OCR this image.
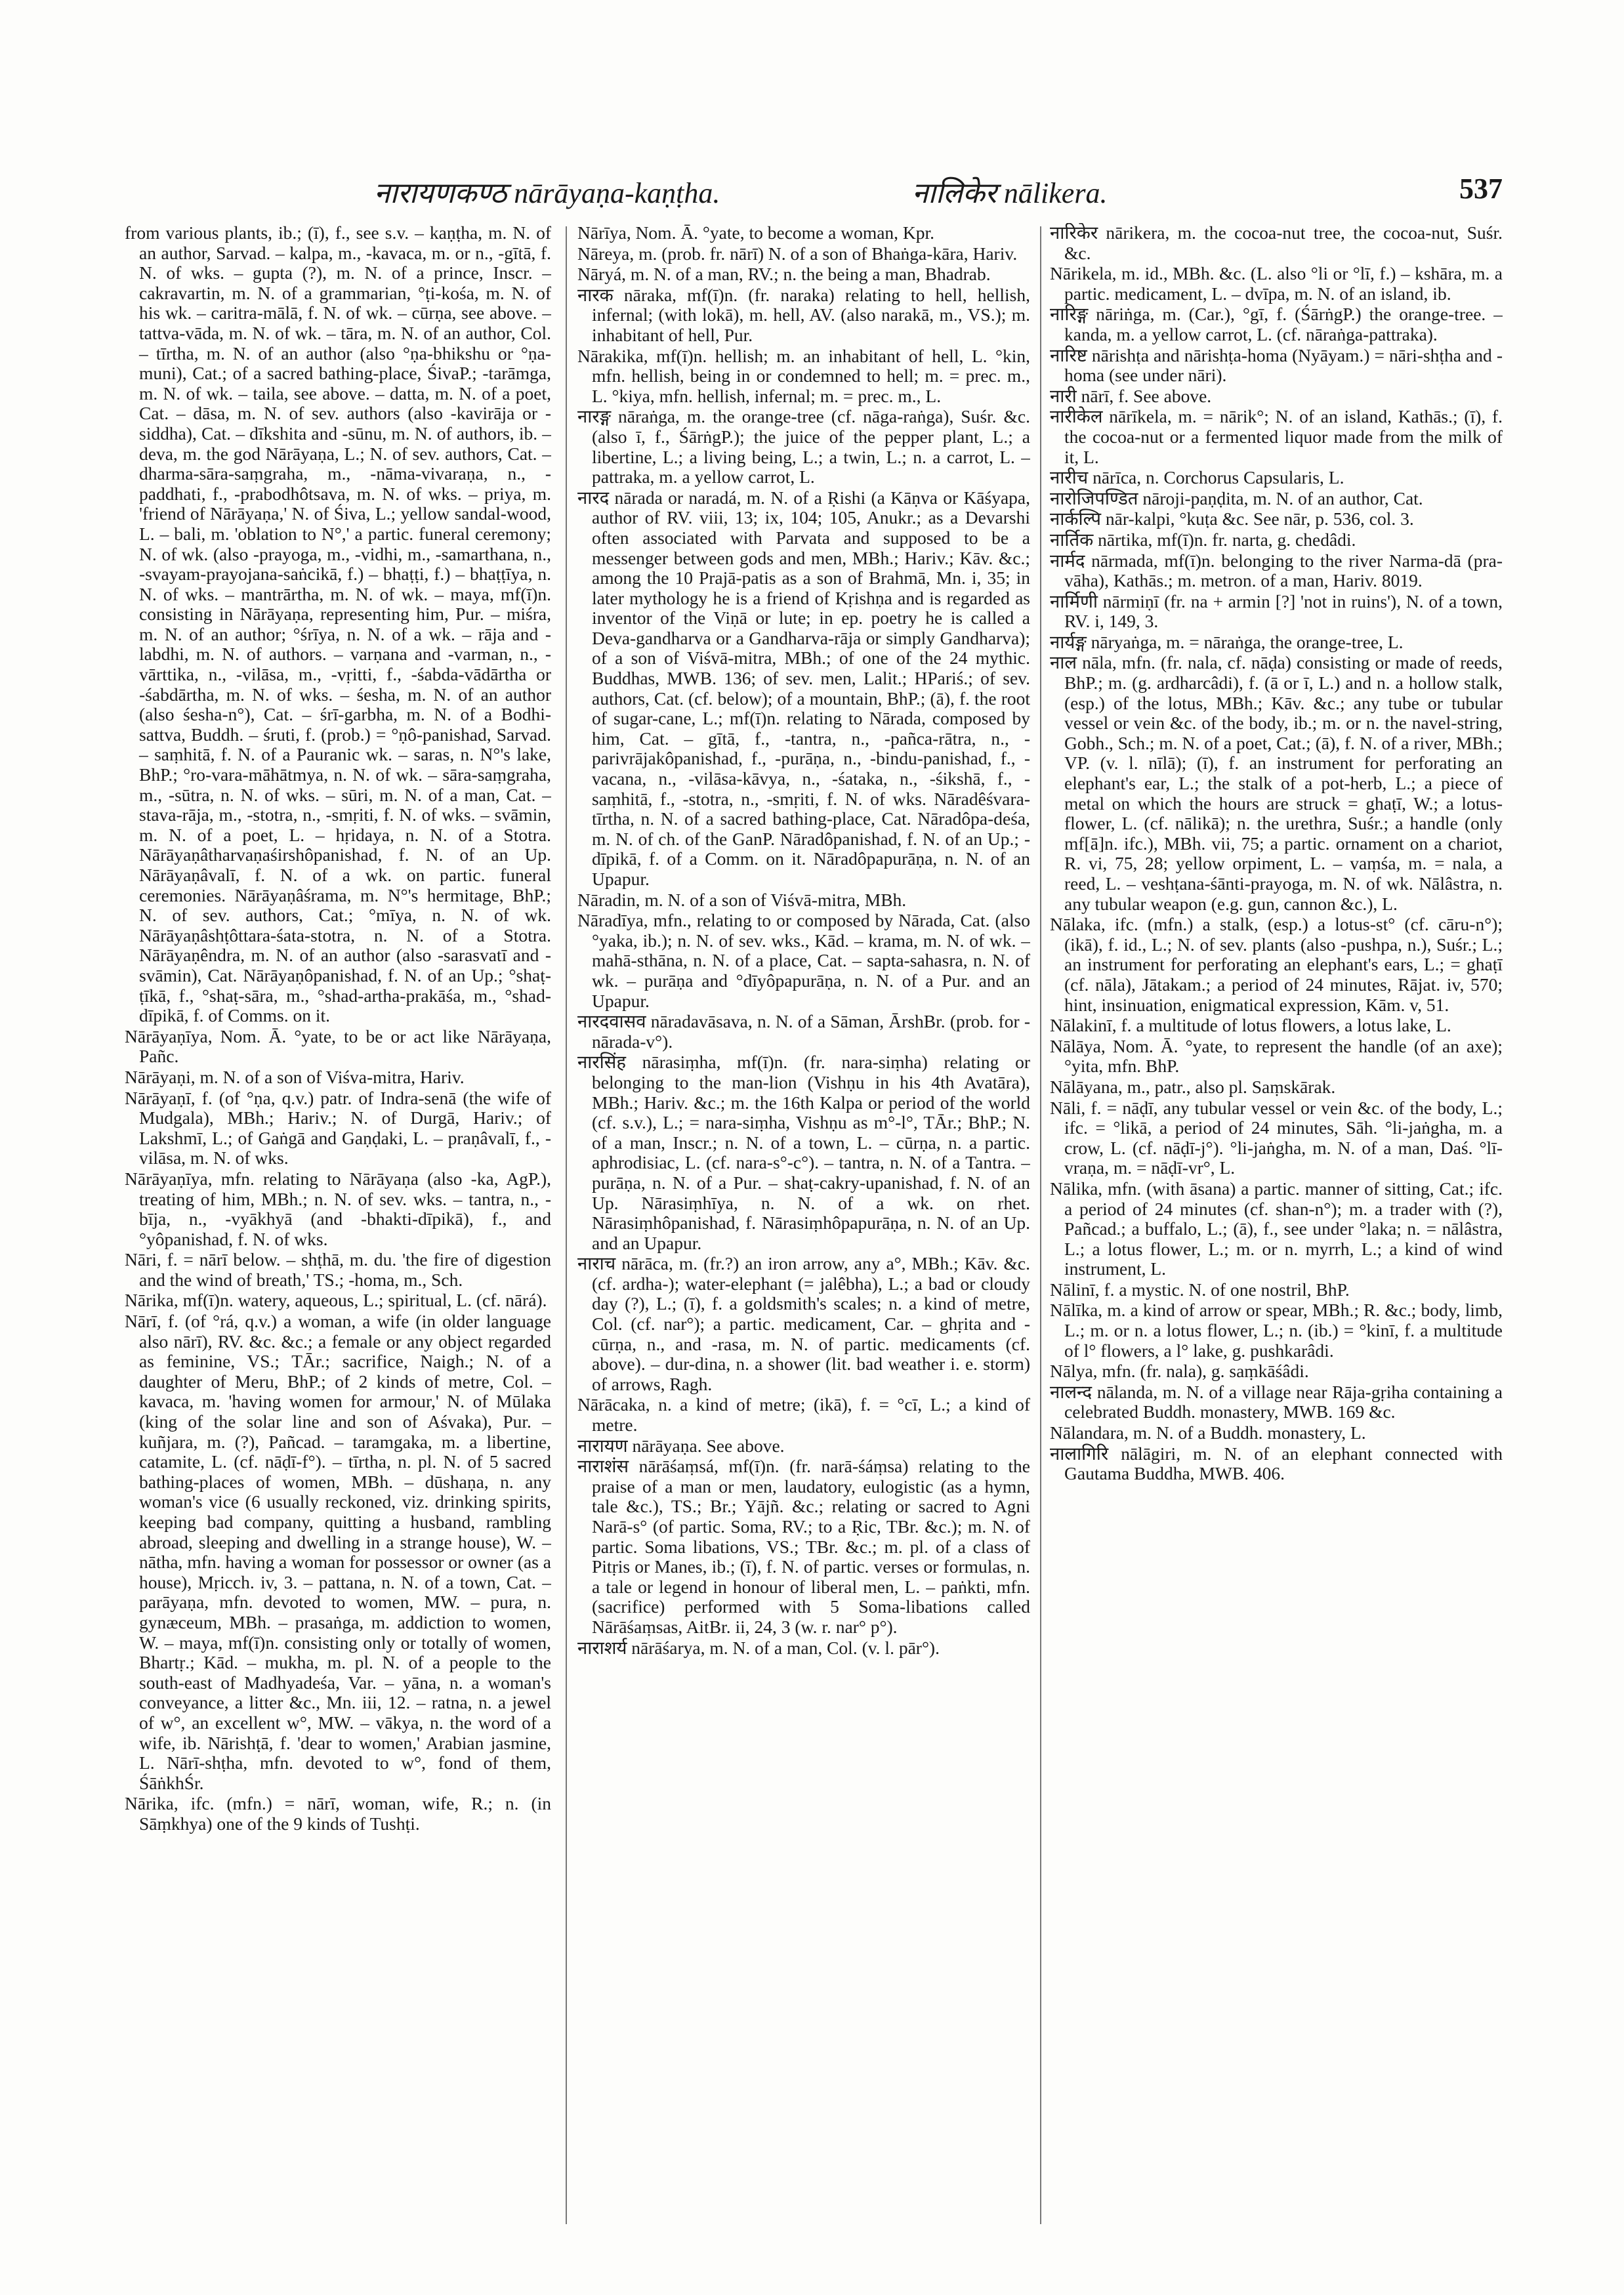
नारायणकण्ठ nārāyaṇa-kaṇṭha.	नालिकेर nālikera.	537

from various plants, ib.; (ī), f., see s.v. – kaṇṭha, m. N. of an author, Sarvad. – kalpa, m., -kavaca, m. or n., -gītā, f. N. of wks. – gupta (?), m. N. of a prince, Inscr. – cakravartin, m. N. of a grammarian, °ṭi-kośa, m. N. of his wk. – caritra-mālā, f. N. of wk. – cūrṇa, see above. – tattva-vāda, m. N. of wk. – tāra, m. N. of an author, Col. – tīrtha, m. N. of an author (also °ṇa-bhikshu or °ṇa-muni), Cat.; of a sacred bathing-place, ŚivaP.; -tarāmga, m. N. of wk. – taila, see above. – datta, m. N. of a poet, Cat. – dāsa, m. N. of sev. authors (also -kavirāja or -siddha), Cat. – dīkshita and -sūnu, m. N. of authors, ib. – deva, m. the god Nārāyaṇa, L.; N. of sev. authors, Cat. – dharma-sāra-saṃgraha, m., -nāma-vivaraṇa, n., -paddhati, f., -prabodhôtsava, m. N. of wks. – priya, m. 'friend of Nārāyaṇa,' N. of Śiva, L.; yellow sandal-wood, L. – bali, m. 'oblation to N°,' a partic. funeral ceremony; N. of wk. (also -prayoga, m., -vidhi, m., -samarthana, n., -svayam-prayojana-saṅcikā, f.) – bhaṭṭi, f.) – bhaṭṭīya, n. N. of wks. – mantrārtha, m. N. of wk. – maya, mf(ī)n. consisting in Nārāyaṇa, representing him, Pur. – miśra, m. N. of an author; °śrīya, n. N. of a wk. – rāja and -labdhi, m. N. of authors. – varṇana and -varman, n., -vārttika, n., -vilāsa, m., -vṛitti, f., -śabda-vādārtha or -śabdārtha, m. N. of wks. – śesha, m. N. of an author (also śesha-n°), Cat. – śrī-garbha, m. N. of a Bodhi-sattva, Buddh. – śruti, f. (prob.) = °ṇô-panishad, Sarvad. – saṃhitā, f. N. of a Pauranic wk. – saras, n. N°'s lake, BhP.; °ro-vara-māhātmya, n. N. of wk. – sāra-saṃgraha, m., -sūtra, n. N. of wks. – sūri, m. N. of a man, Cat. – stava-rāja, m., -stotra, n., -smṛiti, f. N. of wks. – svāmin, m. N. of a poet, L. – hṛidaya, n. N. of a Stotra. Nārāyaṇâtharvaṇaśirshôpanishad, f. N. of an Up. Nārāyaṇâvalī, f. N. of a wk. on partic. funeral ceremonies. Nārāyaṇâśrama, m. N°'s hermitage, BhP.; N. of sev. authors, Cat.; °mīya, n. N. of wk. Nārāyaṇâshṭôttara-śata-stotra, n. N. of a Stotra. Nārāyaṇêndra, m. N. of an author (also -sarasvatī and -svāmin), Cat. Nārāyaṇôpanishad, f. N. of an Up.; °shaṭ-ṭīkā, f., °shaṭ-sāra, m., °shad-artha-prakāśa, m., °shad-dīpikā, f. of Comms. on it.

Nārāyaṇīya, Nom. Ā. °yate, to be or act like Nārāyaṇa, Pañc.

Nārāyaṇi, m. N. of a son of Viśva-mitra, Hariv.

Nārāyaṇī, f. (of °ṇa, q.v.) patr. of Indra-senā (the wife of Mudgala), MBh.; Hariv.; N. of Durgā, Hariv.; of Lakshmī, L.; of Gaṅgā and Gaṇḍaki, L. – praṇâvalī, f., -vilāsa, m. N. of wks.

Nārāyaṇīya, mfn. relating to Nārāyaṇa (also -ka, AgP.), treating of him, MBh.; n. N. of sev. wks. – tantra, n., -bīja, n., -vyākhyā (and -bhakti-dīpikā), f., and °yôpanishad, f. N. of wks.

Nāri, f. = nārī below. – shṭhā, m. du. 'the fire of digestion and the wind of breath,' TS.; -homa, m., Sch.

Nārika, mf(ī)n. watery, aqueous, L.; spiritual, L. (cf. nārá).

Nārī, f. (of °rá, q.v.) a woman, a wife (in older language also nārī), RV. &c. &c.; a female or any object regarded as feminine, VS.; TĀr.; sacrifice, Naigh.; N. of a daughter of Meru, BhP.; of 2 kinds of metre, Col. – kavaca, m. 'having women for armour,' N. of Mūlaka (king of the solar line and son of Aśvaka), Pur. – kuñjara, m. (?), Pañcad. – taramgaka, m. a libertine, catamite, L. (cf. nāḍī-f°). – tīrtha, n. pl. N. of 5 sacred bathing-places of women, MBh. – dūshaṇa, n. any woman's vice (6 usually reckoned, viz. drinking spirits, keeping bad company, quitting a husband, rambling abroad, sleeping and dwelling in a strange house), W. – nātha, mfn. having a woman for possessor or owner (as a house), Mṛicch. iv, 3. – pattana, n. N. of a town, Cat. – parāyaṇa, mfn. devoted to women, MW. – pura, n. gynæceum, MBh. – prasaṅga, m. addiction to women, W. – maya, mf(ī)n. consisting only or totally of women, Bhartṛ.; Kād. – mukha, m. pl. N. of a people to the south-east of Madhyadeśa, Var. – yāna, n. a woman's conveyance, a litter &c., Mn. iii, 12. – ratna, n. a jewel of w°, an excellent w°, MW. – vākya, n. the word of a wife, ib. Nārishṭā, f. 'dear to women,' Arabian jasmine, L. Nārī-shṭha, mfn. devoted to w°, fond of them, ŚāṅkhŚr.

Nārika, ifc. (mfn.) = nārī, woman, wife, R.; n. (in Sāṃkhya) one of the 9 kinds of Tushṭi.

Nārīya, Nom. Ā. °yate, to become a woman, Kpr.

Nāreya, m. (prob. fr. nārī) N. of a son of Bhaṅga-kāra, Hariv.

Nāryá, m. N. of a man, RV.; n. the being a man, Bhadrab.

नारक nāraka, mf(ī)n. (fr. naraka) relating to hell, hellish, infernal; (with lokā), m. hell, AV. (also narakā, m., VS.); m. inhabitant of hell, Pur.

Nārakika, mf(ī)n. hellish; m. an inhabitant of hell, L. °kin, mfn. hellish, being in or condemned to hell; m. = prec. m., L. °kiya, mfn. hellish, infernal; m. = prec. m., L.

नारङ्ग nāraṅga, m. the orange-tree (cf. nāga-raṅga), Suśr. &c. (also ī, f., ŚārṅgP.); the juice of the pepper plant, L.; a libertine, L.; a living being, L.; a twin, L.; n. a carrot, L. – pattraka, m. a yellow carrot, L.

नारद nārada or naradá, m. N. of a Ṛishi (a Kāṇva or Kāśyapa, author of RV. viii, 13; ix, 104; 105, Anukr.; as a Devarshi often associated with Parvata and supposed to be a messenger between gods and men, MBh.; Hariv.; Kāv. &c.; among the 10 Prajā-patis as a son of Brahmā, Mn. i, 35; in later mythology he is a friend of Kṛishṇa and is regarded as inventor of the Viṇā or lute; in ep. poetry he is called a Deva-gandharva or a Gandharva-rāja or simply Gandharva); of a son of Viśvā-mitra, MBh.; of one of the 24 mythic. Buddhas, MWB. 136; of sev. men, Lalit.; HPariś.; of sev. authors, Cat. (cf. below); of a mountain, BhP.; (ā), f. the root of sugar-cane, L.; mf(ī)n. relating to Nārada, composed by him, Cat. – gītā, f., -tantra, n., -pañca-rātra, n., -parivrājakôpanishad, f., -purāṇa, n., -bindu-panishad, f., -vacana, n., -vilāsa-kāvya, n., -śataka, n., -śikshā, f., -saṃhitā, f., -stotra, n., -smṛiti, f. N. of wks. Nāradêśvara-tīrtha, n. N. of a sacred bathing-place, Cat. Nāradôpa-deśa, m. N. of ch. of the GanP. Nāradôpanishad, f. N. of an Up.; -dīpikā, f. of a Comm. on it. Nāradôpapurāṇa, n. N. of an Upapur.

Nāradin, m. N. of a son of Viśvā-mitra, MBh.

Nāradīya, mfn., relating to or composed by Nārada, Cat. (also °yaka, ib.); n. N. of sev. wks., Kād. – krama, m. N. of wk. – mahā-sthāna, n. N. of a place, Cat. – sapta-sahasra, n. N. of wk. – purāṇa and °dīyôpapurāṇa, n. N. of a Pur. and an Upapur.

नारदवासव nāradavāsava, n. N. of a Sāman, ĀrshBr. (prob. for -nārada-v°).

नारसिंह nārasiṃha, mf(ī)n. (fr. nara-siṃha) relating or belonging to the man-lion (Vishṇu in his 4th Avatāra), MBh.; Hariv. &c.; m. the 16th Kalpa or period of the world (cf. s.v.), L.; = nara-siṃha, Vishṇu as m°-l°, TĀr.; BhP.; N. of a man, Inscr.; n. N. of a town, L. – cūrṇa, n. a partic. aphrodisiac, L. (cf. nara-s°-c°). – tantra, n. N. of a Tantra. – purāṇa, n. N. of a Pur. – shaṭ-cakry-upanishad, f. N. of an Up. Nārasiṃhīya, n. N. of a wk. on rhet. Nārasiṃhôpanishad, f. Nārasiṃhôpapurāṇa, n. N. of an Up. and an Upapur.

नाराच nārāca, m. (fr.?) an iron arrow, any a°, MBh.; Kāv. &c. (cf. ardha-); water-elephant (= jalêbha), L.; a bad or cloudy day (?), L.; (ī), f. a goldsmith's scales; n. a kind of metre, Col. (cf. nar°); a partic. medicament, Car. – ghṛita and -cūrṇa, n., and -rasa, m. N. of partic. medicaments (cf. above). – dur-dina, n. a shower (lit. bad weather i. e. storm) of arrows, Ragh.

Nārācaka, n. a kind of metre; (ikā), f. = °cī, L.; a kind of metre.

नारायण nārāyaṇa. See above.

नाराशंस nārāśaṃsá, mf(ī)n. (fr. narā-śáṃsa) relating to the praise of a man or men, laudatory, eulogistic (as a hymn, tale &c.), TS.; Br.; Yājñ. &c.; relating or sacred to Agni Narā-s° (of partic. Soma, RV.; to a Ṛic, TBr. &c.); m. N. of partic. Soma libations, VS.; TBr. &c.; m. pl. of a class of Pitṛis or Manes, ib.; (ī), f. N. of partic. verses or formulas, n. a tale or legend in honour of liberal men, L. – paṅkti, mfn. (sacrifice) performed with 5 Soma-libations called Nārāśaṃsas, AitBr. ii, 24, 3 (w. r. nar° p°).

नाराशर्य nārāśarya, m. N. of a man, Col. (v. l. pār°).

नारिकेर nārikera, m. the cocoa-nut tree, the cocoa-nut, Suśr. &c.

Nārikela, m. id., MBh. &c. (L. also °li or °lī, f.) – kshāra, m. a partic. medicament, L. – dvīpa, m. N. of an island, ib.

नारिङ्ग nāriṅga, m. (Car.), °gī, f. (ŚārṅgP.) the orange-tree. – kanda, m. a yellow carrot, L. (cf. nāraṅga-pattraka).

नारिष्ट nārishṭa and nārishṭa-homa (Nyāyam.) = nāri-shṭha and -homa (see under nāri).

नारी nārī, f. See above.

नारीकेल nārīkela, m. = nārik°; N. of an island, Kathās.; (ī), f. the cocoa-nut or a fermented liquor made from the milk of it, L.

नारीच nārīca, n. Corchorus Capsularis, L.

नारोजिपण्डित nāroji-paṇḍita, m. N. of an author, Cat.

नार्कल्पि nār-kalpi, °kuṭa &c. See nār, p. 536, col. 3.

नार्तिक nārtika, mf(ī)n. fr. narta, g. chedâdi.

नार्मद nārmada, mf(ī)n. belonging to the river Narma-dā (pra-vāha), Kathās.; m. metron. of a man, Hariv. 8019.

नार्मिणी nārmiṇī (fr. na + armin [?] 'not in ruins'), N. of a town, RV. i, 149, 3.

नार्यङ्ग nāryaṅga, m. = nāraṅga, the orange-tree, L.

नाल nāla, mfn. (fr. nala, cf. nāḍa) consisting or made of reeds, BhP.; m. (g. ardharcâdi), f. (ā or ī, L.) and n. a hollow stalk, (esp.) of the lotus, MBh.; Kāv. &c.; any tube or tubular vessel or vein &c. of the body, ib.; m. or n. the navel-string, Gobh., Sch.; m. N. of a poet, Cat.; (ā), f. N. of a river, MBh.; VP. (v. l. nīlā); (ī), f. an instrument for perforating an elephant's ear, L.; the stalk of a pot-herb, L.; a piece of metal on which the hours are struck = ghaṭī, W.; a lotus-flower, L. (cf. nālikā); n. the urethra, Suśr.; a handle (only mf[ā]n. ifc.), MBh. vii, 75; a partic. ornament on a chariot, R. vi, 75, 28; yellow orpiment, L. – vaṃśa, m. = nala, a reed, L. – veshṭana-śānti-prayoga, m. N. of wk. Nālâstra, n. any tubular weapon (e.g. gun, cannon &c.), L.

Nālaka, ifc. (mfn.) a stalk, (esp.) a lotus-st° (cf. cāru-n°); (ikā), f. id., L.; N. of sev. plants (also -pushpa, n.), Suśr.; L.; an instrument for perforating an elephant's ears, L.; = ghaṭī (cf. nāla), Jātakam.; a period of 24 minutes, Rājat. iv, 570; hint, insinuation, enigmatical expression, Kām. v, 51.

Nālakinī, f. a multitude of lotus flowers, a lotus lake, L.

Nālāya, Nom. Ā. °yate, to represent the handle (of an axe); °yita, mfn. BhP.

Nālāyana, m., patr., also pl. Saṃskārak.

Nāli, f. = nāḍī, any tubular vessel or vein &c. of the body, L.; ifc. = °likā, a period of 24 minutes, Sāh. °li-jaṅgha, m. a crow, L. (cf. nāḍī-j°). °li-jaṅgha, m. N. of a man, Daś. °lī-vraṇa, m. = nāḍī-vr°, L.

Nālika, mfn. (with āsana) a partic. manner of sitting, Cat.; ifc. a period of 24 minutes (cf. shan-n°); m. a trader with (?), Pañcad.; a buffalo, L.; (ā), f., see under °laka; n. = nālâstra, L.; a lotus flower, L.; m. or n. myrrh, L.; a kind of wind instrument, L.

Nālinī, f. a mystic. N. of one nostril, BhP.

Nālīka, m. a kind of arrow or spear, MBh.; R. &c.; body, limb, L.; m. or n. a lotus flower, L.; n. (ib.) = °kinī, f. a multitude of l° flowers, a l° lake, g. pushkarâdi.

Nālya, mfn. (fr. nala), g. saṃkāśâdi.

नालन्द nālanda, m. N. of a village near Rāja-gṛiha containing a celebrated Buddh. monastery, MWB. 169 &c.

Nālandara, m. N. of a Buddh. monastery, L.

नालागिरि nālāgiri, m. N. of an elephant connected with Gautama Buddha, MWB. 406.
